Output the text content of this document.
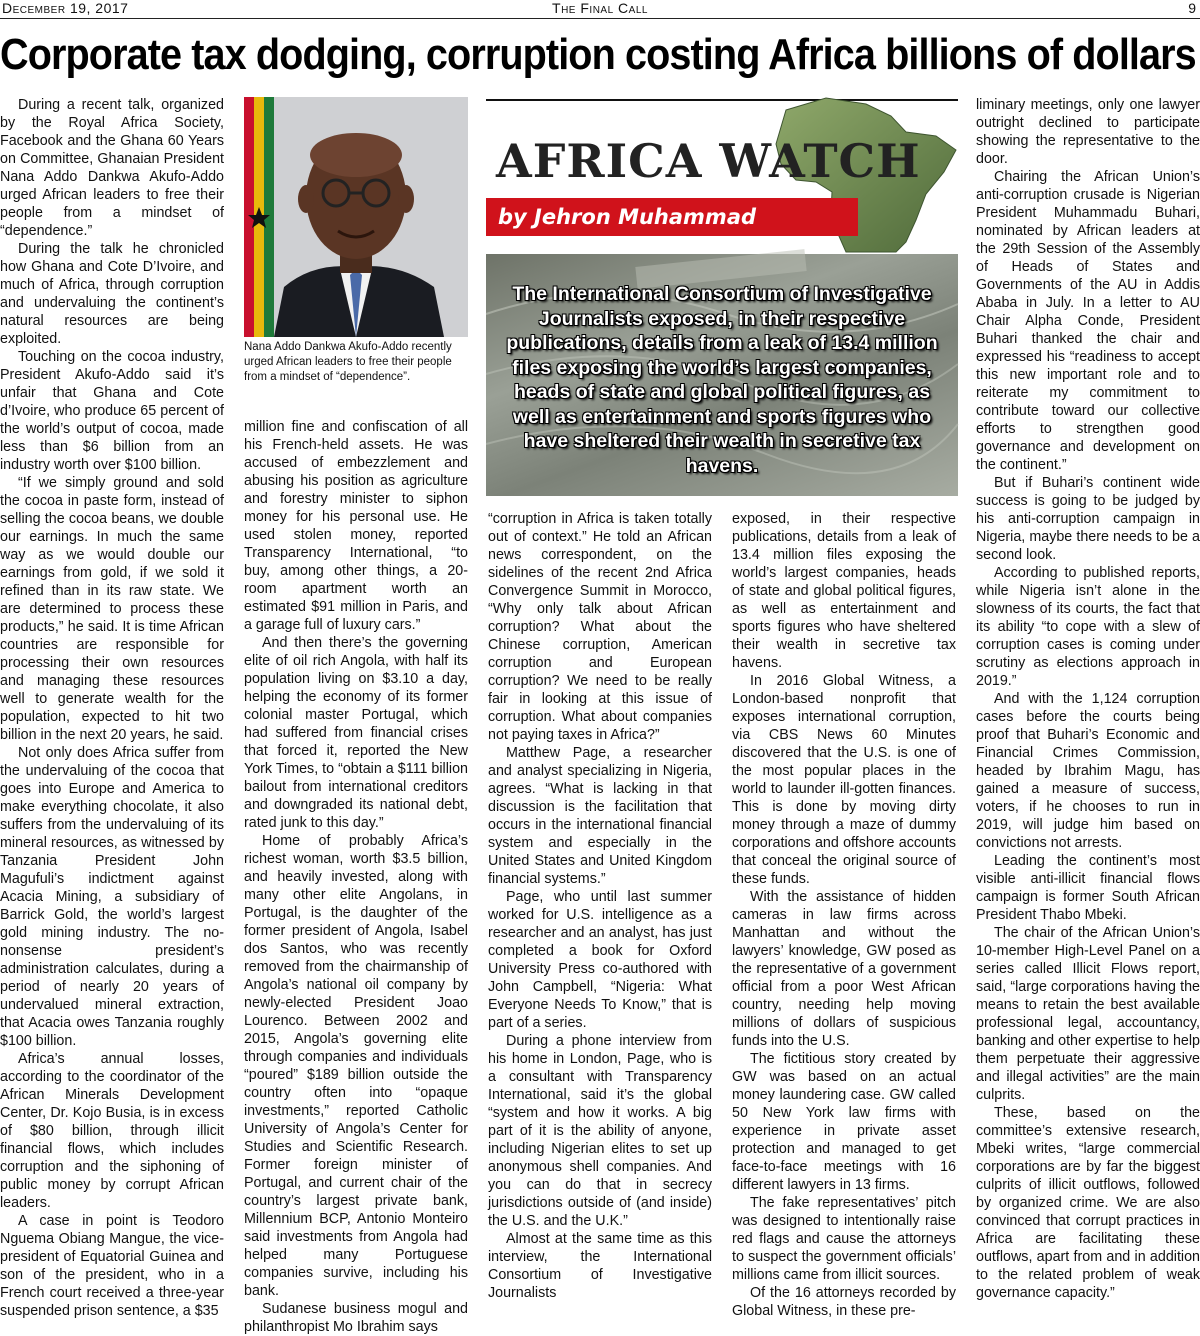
December 19, 2017	The Final Call	9
Corporate tax dodging, corruption costing Africa billions of dollars

During a recent talk, organized by the Royal Africa Society, Facebook and the Ghana 60 Years on Committee, Ghanaian President Nana Addo Dankwa Akufo-Addo urged African leaders to free their people from a mindset of “dependence.”

During the talk he chronicled how Ghana and Cote D’Ivoire, and much of Africa, through corruption and undervaluing the continent’s natural resources are being exploited.

Touching on the cocoa industry, President Akufo-Addo said it’s unfair that Ghana and Cote d’Ivoire, who produce 65 percent of the world’s output of cocoa, made less than $6 billion from an industry worth over $100 billion.

“If we simply ground and sold the cocoa in paste form, instead of selling the cocoa beans, we double our earnings. In much the same way as we would double our earnings from gold, if we sold it refined than in its raw state. We are determined to process these products,” he said. It is time African countries are responsible for processing their own resources and managing these resources well to generate wealth for the population, expected to hit two billion in the next 20 years, he said.

Not only does Africa suffer from the undervaluing of the cocoa that goes into Europe and America to make everything chocolate, it also suffers from the undervaluing of its mineral resources, as witnessed by Tanzania President John Magufuli’s indictment against Acacia Mining, a subsidiary of Barrick Gold, the world’s largest gold mining industry. The no-nonsense president’s administration calculates, during a period of nearly 20 years of undervalued mineral extraction, that Acacia owes Tanzania roughly $100 billion.

Africa’s annual losses, according to the coordinator of the African Minerals Development Center, Dr. Kojo Busia, is in excess of $80 billion, through illicit financial flows, which includes corruption and the siphoning of public money by corrupt African leaders.

A case in point is Teodoro Nguema Obiang Mangue, the vice-president of Equatorial Guinea and son of the president, who in a French court received a three-year suspended prison sentence, a $35

Nana Addo Dankwa Akufo-Addo recently urged African leaders to free their people from a mindset of “dependence”.

million fine and confiscation of all his French-held assets. He was accused of embezzlement and abusing his position as agriculture and forestry minister to siphon money for his personal use. He used stolen money, reported Transparency International, “to buy, among other things, a 20-room apartment worth an estimated $91 million in Paris, and a garage full of luxury cars.”

And then there’s the governing elite of oil rich Angola, with half its population living on $3.10 a day, helping the economy of its former colonial master Portugal, which had suffered from financial crises that forced it, reported the New York Times, to “obtain a $111 billion bailout from international creditors and downgraded its national debt, rated junk to this day.”

Home of probably Africa’s richest woman, worth $3.5 billion, and heavily invested, along with many other elite Angolans, in Portugal, is the daughter of the former president of Angola, Isabel dos Santos, who was recently removed from the chairmanship of Angola’s national oil company by newly-elected President Joao Lourenco. Between 2002 and 2015, Angola’s governing elite through companies and individuals “poured” $189 billion outside the country often into “opaque investments,” reported Catholic University of Angola’s Center for Studies and Scientific Research. Former foreign minister of Portugal, and current chair of the country’s largest private bank, Millennium BCP, Antonio Monteiro said investments from Angola had helped many Portuguese companies survive, including his bank.

Sudanese business mogul and philanthropist Mo Ibrahim says

AFRICA WATCH
by Jehron Muhammad
The International Consortium of Investigative Journalists exposed, in their respective publications, details from a leak of 13.4 million files exposing the world’s largest companies, heads of state and global political figures, as well as entertainment and sports figures who have sheltered their wealth in secretive tax havens.

“corruption in Africa is taken totally out of context.” He told an African news correspondent, on the sidelines of the recent 2nd Africa Convergence Summit in Morocco, “Why only talk about African corruption? What about the Chinese corruption, American corruption and European corruption? We need to be really fair in looking at this issue of corruption. What about companies not paying taxes in Africa?”

Matthew Page, a researcher and analyst specializing in Nigeria, agrees. “What is lacking in that discussion is the facilitation that occurs in the international financial system and especially in the United States and United Kingdom financial systems.”

Page, who until last summer worked for U.S. intelligence as a researcher and an analyst, has just completed a book for Oxford University Press co-authored with John Campbell, “Nigeria: What Everyone Needs To Know,” that is part of a series.

During a phone interview from his home in London, Page, who is a consultant with Transparency International, said it’s the global “system and how it works. A big part of it is the ability of anyone, including Nigerian elites to set up anonymous shell companies. And you can do that in secrecy jurisdictions outside of (and inside) the U.S. and the U.K.”

Almost at the same time as this interview, the International Consortium of Investigative Journalists

exposed, in their respective publications, details from a leak of 13.4 million files exposing the world’s largest companies, heads of state and global political figures, as well as entertainment and sports figures who have sheltered their wealth in secretive tax havens.

In 2016 Global Witness, a London-based nonprofit that exposes international corruption, via CBS News 60 Minutes discovered that the U.S. is one of the most popular places in the world to launder ill-gotten finances. This is done by moving dirty money through a maze of dummy corporations and offshore accounts that conceal the original source of these funds.

With the assistance of hidden cameras in law firms across Manhattan and without the lawyers’ knowledge, GW posed as the representative of a government official from a poor West African country, needing help moving millions of dollars of suspicious funds into the U.S.

The fictitious story created by GW was based on an actual money laundering case. GW called 50 New York law firms with experience in private asset protection and managed to get face-to-face meetings with 16 different lawyers in 13 firms.

The fake representatives’ pitch was designed to intentionally raise red flags and cause the attorneys to suspect the government officials’ millions came from illicit sources.

Of the 16 attorneys recorded by Global Witness, in these pre-

liminary meetings, only one lawyer outright declined to participate showing the representative to the door.

Chairing the African Union’s anti-corruption crusade is Nigerian President Muhammadu Buhari, nominated by African leaders at the 29th Session of the Assembly of Heads of States and Governments of the AU in Addis Ababa in July. In a letter to AU Chair Alpha Conde, President Buhari thanked the chair and expressed his “readiness to accept this new important role and to reiterate my commitment to contribute toward our collective efforts to strengthen good governance and development on the continent.”

But if Buhari’s continent wide success is going to be judged by his anti-corruption campaign in Nigeria, maybe there needs to be a second look.

According to published reports, while Nigeria isn’t alone in the slowness of its courts, the fact that its ability “to cope with a slew of corruption cases is coming under scrutiny as elections approach in 2019.”

And with the 1,124 corruption cases before the courts being proof that Buhari’s Economic and Financial Crimes Commission, headed by Ibrahim Magu, has gained a measure of success, voters, if he chooses to run in 2019, will judge him based on convictions not arrests.

Leading the continent’s most visible anti-illicit financial flows campaign is former South African President Thabo Mbeki.

The chair of the African Union’s 10-member High-Level Panel on a series called Illicit Flows report, said, “large corporations having the means to retain the best available professional legal, accountancy, banking and other expertise to help them perpetuate their aggressive and illegal activities” are the main culprits.

These, based on the committee’s extensive research, Mbeki writes, “large commercial corporations are by far the biggest culprits of illicit outflows, followed by organized crime. We are also convinced that corrupt practices in Africa are facilitating these outflows, apart from and in addition to the related problem of weak governance capacity.”
